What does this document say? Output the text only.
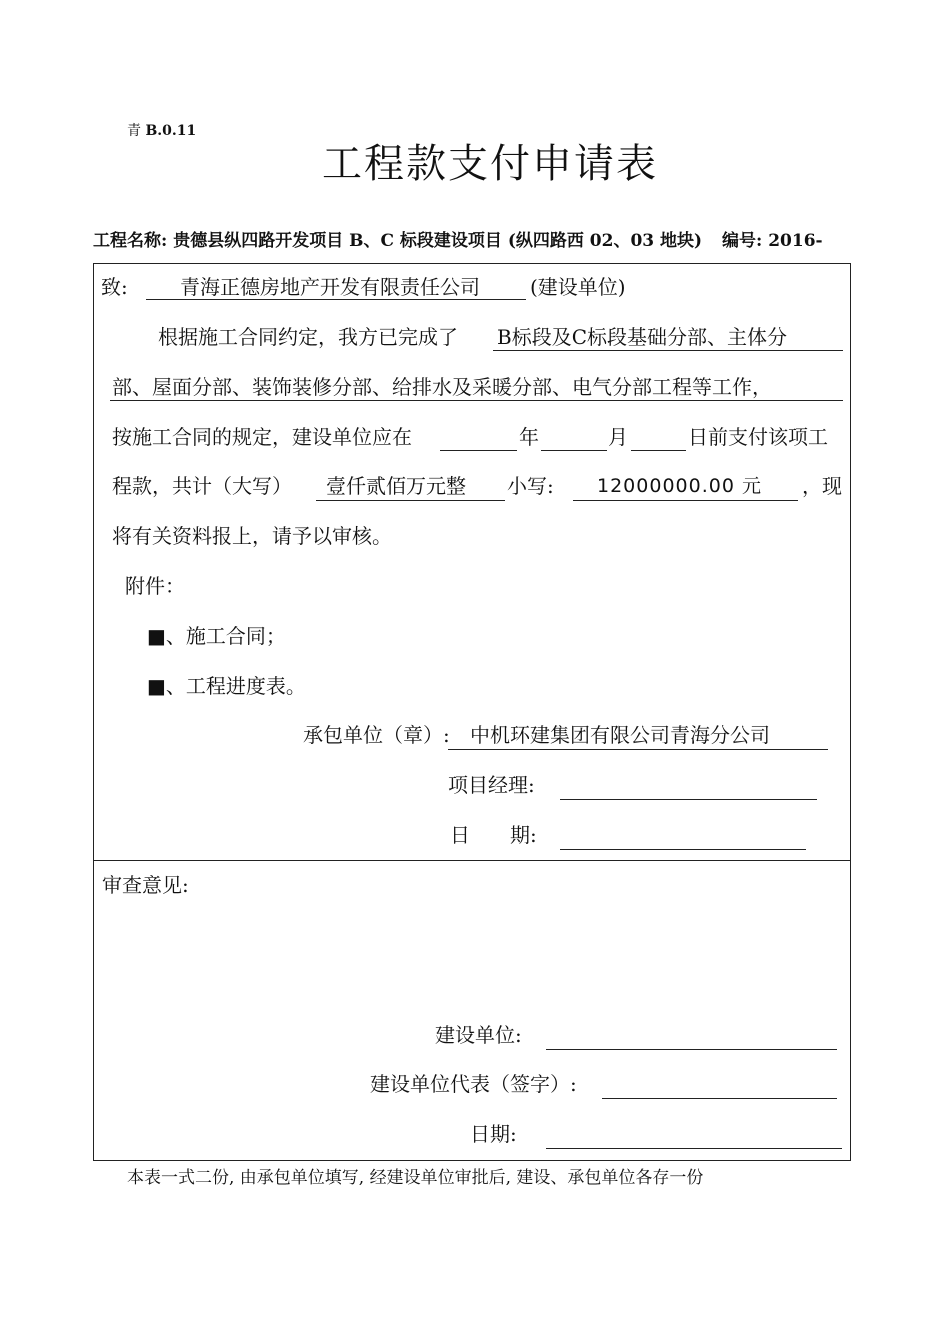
青 B.0.11
工程款支付申请表
工程名称: 贵德县纵四路开发项目 B、C 标段建设项目 (纵四路西 02、03 地块) 编号: 2016-
致:	青海正德房地产开发有限责任公司	(建设单位)
根据施工合同约定，我方已完成了 B标段及C标段基础分部、主体分
部、屋面分部、装饰装修分部、给排水及采暖分部、电气分部工程等工作，
按施工合同的规定，建设单位应在	年	月	日前支付该项工
程款，共计（大写） 壹仟贰佰万元整 小写: 12000000.00 元 ，现
将有关资料报上，请予以审核。
附件：
■、施工合同；
■、工程进度表。
承包单位（章）: 中机环建集团有限公司青海分公司
项目经理:
日　　期:
审查意见:
建设单位:
建设单位代表（签字）:
日期:
本表一式二份, 由承包单位填写, 经建设单位审批后, 建设、承包单位各存一份
